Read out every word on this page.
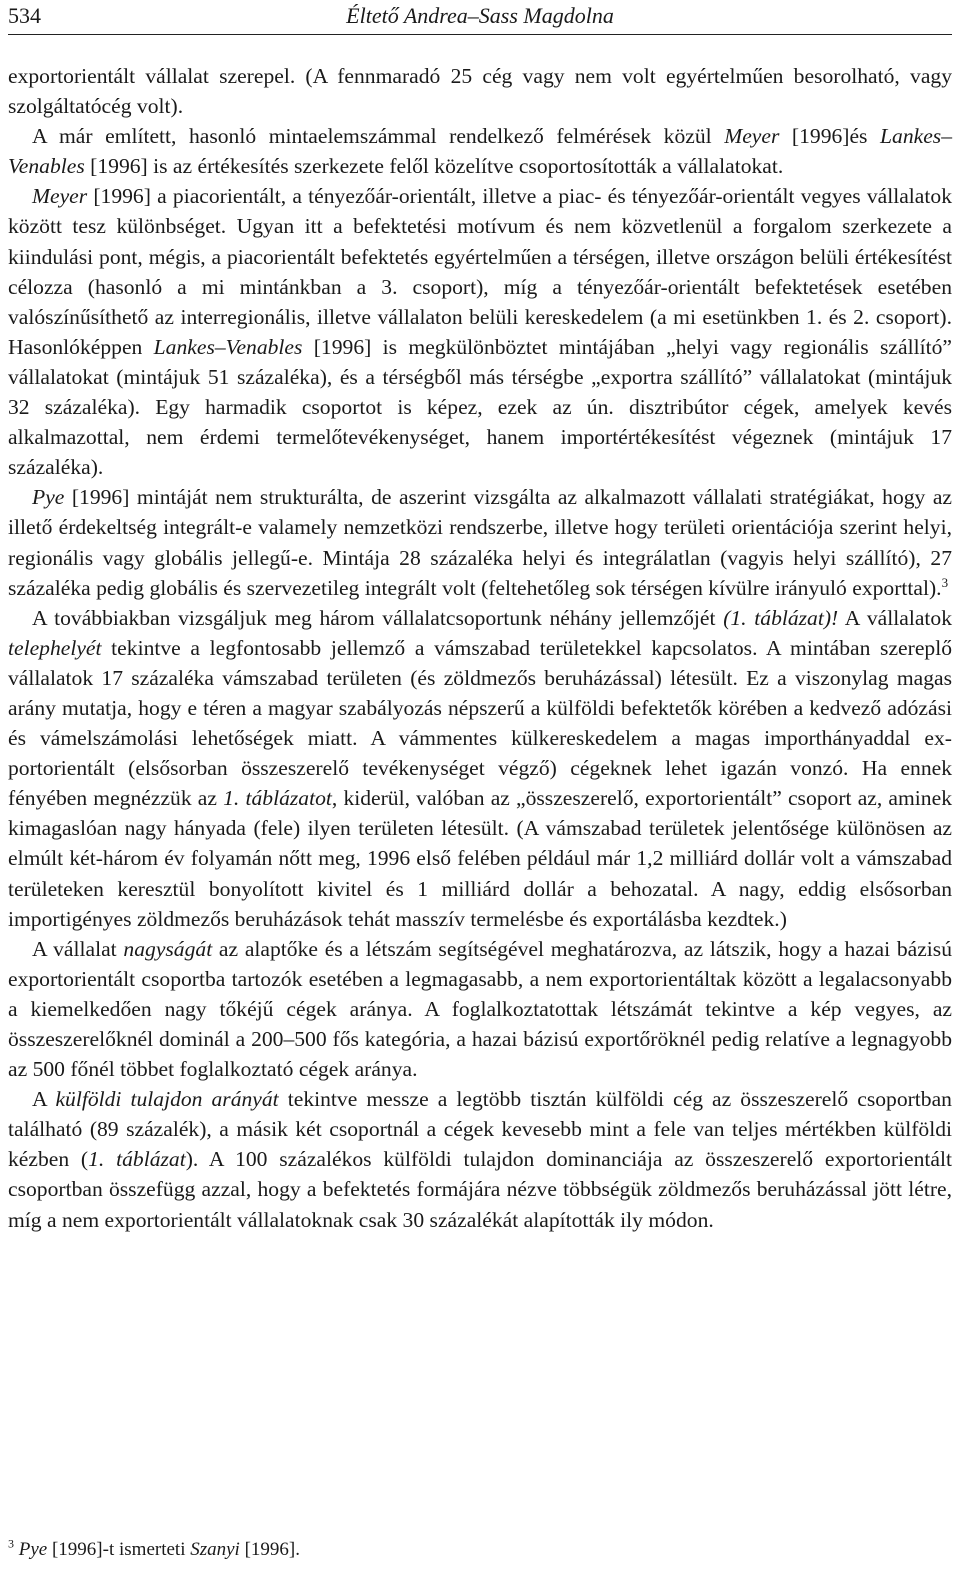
534	Éltető Andrea–Sass Magdolna

exportorientált vállalat szerepel. (A fennmaradó 25 cég vagy nem volt egyértelműen besorolható, vagy szolgáltatócég volt).

A már említett, hasonló mintaelemszámmal rendelkező felmérések közül Meyer [1996]és Lankes–Venables [1996] is az értékesítés szerkezete felől közelítve csoportosították a vállalatokat.

Meyer [1996] a piacorientált, a tényezőár-orientált, illetve a piac- és tényezőár-orientált vegyes vállalatok között tesz különbséget. Ugyan itt a befektetési motívum és nem közvetlenül a forgalom szerkezete a kiindulási pont, mégis, a piacorientált befektetés egyértelműen a térségen, illetve országon belüli értékesítést célozza (hasonló a mi mintánkban a 3. csoport), míg a tényezőár-orientált befektetések esetében valószínűsíthető az interregionális, illetve vállalaton belüli kereskedelem (a mi esetünkben 1. és 2. csoport). Hasonlóképpen Lankes–Venables [1996] is megkülönböztet mintájában „helyi vagy regionális szállító” vállalatokat (mintájuk 51 százaléka), és a térségből más térségbe „exportra szállító” vállalatokat (mintájuk 32 százaléka). Egy harmadik csoportot is képez, ezek az ún. disztribútor cégek, amelyek kevés alkalmazottal, nem érdemi termelőtevékenységet, hanem importértékesítést végeznek (mintájuk 17 százaléka).

Pye [1996] mintáját nem strukturálta, de aszerint vizsgálta az alkalmazott vállalati stratégiákat, hogy az illető érdekeltség integrált-e valamely nemzetközi rendszerbe, illetve hogy területi orientációja szerint helyi, regionális vagy globális jellegű-e. Mintája 28 százaléka helyi és integrálatlan (vagyis helyi szállító), 27 százaléka pedig globális és szervezetileg integrált volt (feltehetőleg sok térségen kívülre irányuló exporttal).$^3$

A továbbiakban vizsgáljuk meg három vállalatcsoportunk néhány jellemzőjét (1. táblázat)! A vállalatok telephelyét tekintve a legfontosabb jellemző a vámszabad területekkel kapcsolatos. A mintában szereplő vállalatok 17 százaléka vámszabad területen (és zöldmezős beruházással) létesült. Ez a viszonylag magas arány mutatja, hogy e téren a magyar szabályozás népszerű a külföldi befektetők körében a kedvező adózási és vámelszámolási lehetőségek miatt. A vámmentes külkereskedelem a magas importhányaddal exportorientált (elsősorban összeszerelő tevékenységet végző) cégeknek lehet igazán vonzó. Ha ennek fényében megnézzük az 1. táblázatot, kiderül, valóban az „összeszerelő, exportorientált” csoport az, aminek kimagaslóan nagy hányada (fele) ilyen területen létesült. (A vámszabad területek jelentősége különösen az elmúlt két-három év folyamán nőtt meg, 1996 első felében például már 1,2 milliárd dollár volt a vámszabad területeken keresztül bonyolított kivitel és 1 milliárd dollár a behozatal. A nagy, eddig elsősorban importigényes zöldmezős beruházások tehát masszív termelésbe és exportálásba kezdtek.)

A vállalat nagyságát az alaptőke és a létszám segítségével meghatározva, az látszik, hogy a hazai bázisú exportorientált csoportba tartozók esetében a legmagasabb, a nem exportorientáltak között a legalacsonyabb a kiemelkedően nagy tőkéjű cégek aránya. A foglalkoztatottak létszámát tekintve a kép vegyes, az összeszerelőknél dominál a 200–500 fős kategória, a hazai bázisú exportőröknél pedig relatíve a legnagyobb az 500 főnél többet foglalkoztató cégek aránya.

A külföldi tulajdon arányát tekintve messze a legtöbb tisztán külföldi cég az összeszerelő csoportban található (89 százalék), a másik két csoportnál a cégek kevesebb mint a fele van teljes mértékben külföldi kézben (1. táblázat). A 100 százalékos külföldi tulajdon dominanciája az összeszerelő exportorientált csoportban összefügg azzal, hogy a befektetés formájára nézve többségük zöldmezős beruházással jött létre, míg a nem exportorientált vállalatoknak csak 30 százalékát alapították ily módon.

$^3$ Pye [1996]-t ismerteti Szanyi [1996].
